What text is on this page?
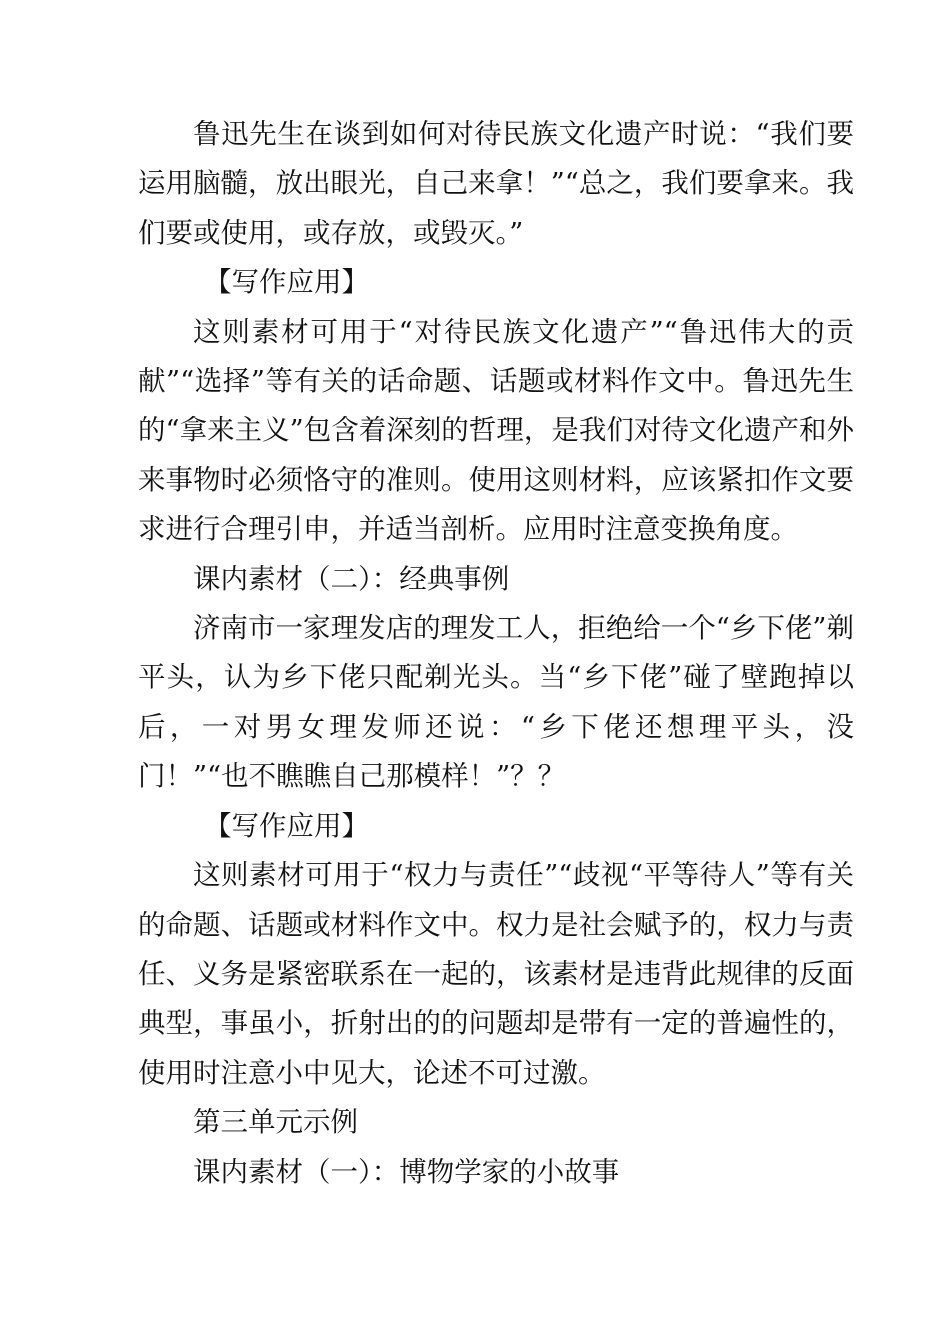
鲁迅先生在谈到如何对待民族文化遗产时说：“我们要运用脑髓，放出眼光，自己来拿！”“总之，我们要拿来。我们要或使用，或存放，或毁灭。”

【写作应用】

这则素材可用于“对待民族文化遗产”“鲁迅伟大的贡献”“选择”等有关的话命题、话题或材料作文中。鲁迅先生的“拿来主义”包含着深刻的哲理，是我们对待文化遗产和外来事物时必须恪守的准则。使用这则材料，应该紧扣作文要求进行合理引申，并适当剖析。应用时注意变换角度。

课内素材（二）：经典事例

济南市一家理发店的理发工人，拒绝给一个“乡下佬”剃平头，认为乡下佬只配剃光头。当“乡下佬”碰了壁跑掉以后，一对男女理发师还说：“乡下佬还想理平头，没门！”“也不瞧瞧自己那模样！”？？

【写作应用】

这则素材可用于“权力与责任”“歧视“平等待人”等有关的命题、话题或材料作文中。权力是社会赋予的，权力与责任、义务是紧密联系在一起的，该素材是违背此规律的反面典型，事虽小，折射出的的问题却是带有一定的普遍性的，使用时注意小中见大，论述不可过激。

第三单元示例

课内素材（一）：博物学家的小故事
